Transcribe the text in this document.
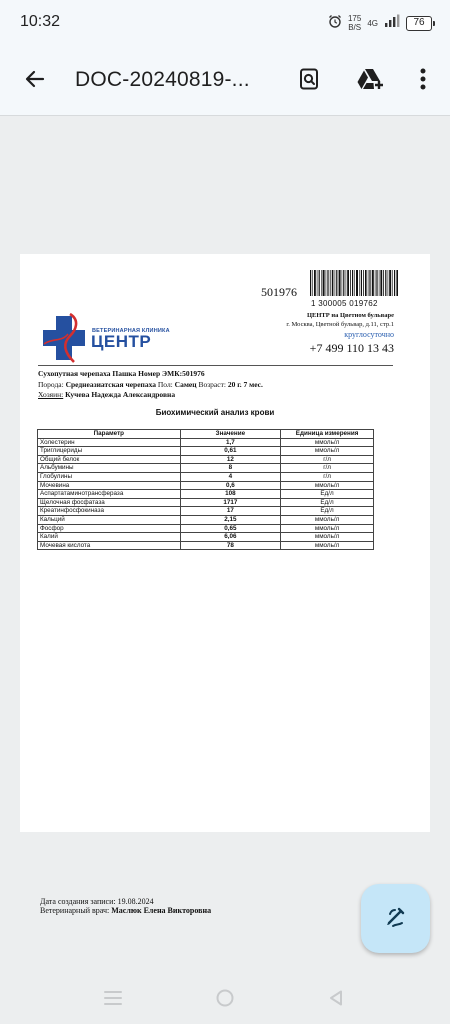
10:32	175
B/S 4G	76
DOC-20240819-...
501976
1 300005 019762
ВЕТЕРИНАРНАЯ КЛИНИКА
ЦЕНТР
ЦЕНТР на Цветном бульваре
г. Москва, Цветной бульвар, д.11, стр.1
круглосуточно
+7 499 110 13 43
Сухопутная черепаха Пашка Номер ЭМК:501976
Порода: Среднеазиатская черепаха Пол: Самец Возраст: 20 г. 7 мес.
Хозяин: Кучева Надежда Александровна
Биохимический анализ крови
Параметр	Значение	Единица измерения
Холестерин	1,7	ммоль/л
Триглицериды	0,61	ммоль/л
Общий белок	12	г/л
Альбумины	8	г/л
Глобулины	4	г/л
Мочевина	0,6	ммоль/л
Аспартатаминотрансфераза	108	Ед/л
Щелочная фосфатаза	1717	Ед/л
Креатинфосфокиназа	17	Ед/л
Кальций	2,15	ммоль/л
Фосфор	0,65	ммоль/л
Калий	6,06	ммоль/л
Мочевая кислота	78	ммоль/л
Дата создания записи: 19.08.2024
Ветеринарный врач: Маслюк Елена Викторовна
